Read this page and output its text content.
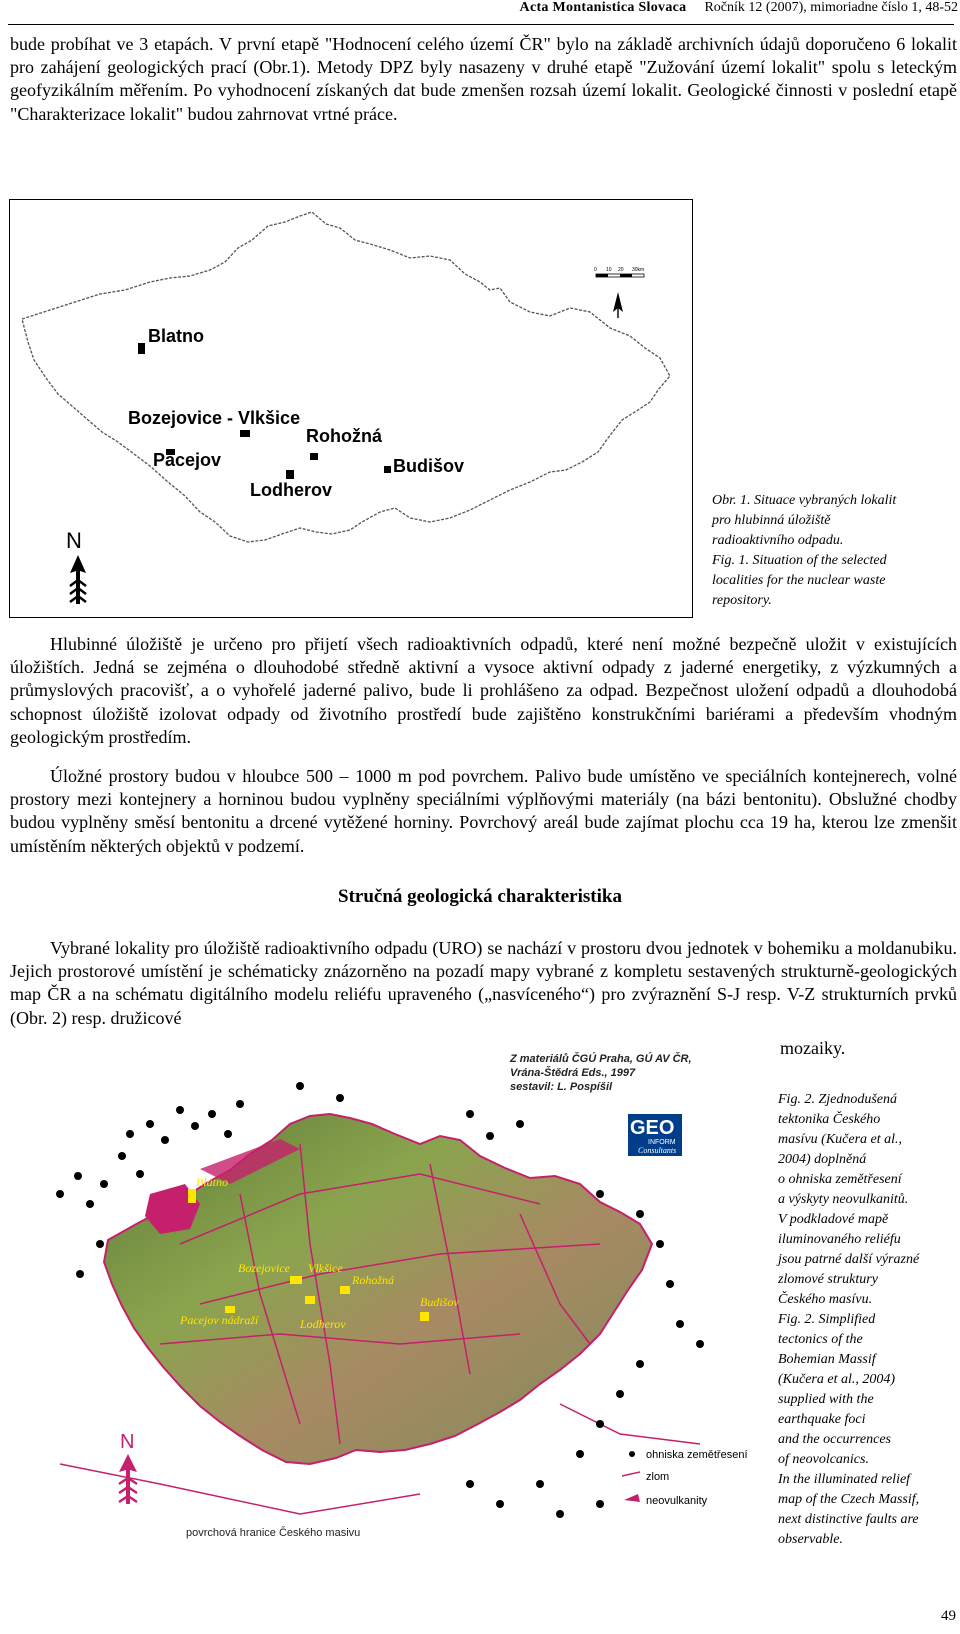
Acta Montanistica Slovaca Ročník 12 (2007), mimoriadne číslo 1, 48-52

bude probíhat ve 3 etapách. V první etapě "Hodnocení celého území ČR" bylo na základě archivních údajů doporučeno 6 lokalit pro zahájení geologických prací (Obr.1). Metody DPZ byly nasazeny v druhé etapě "Zužování území lokalit" spolu s leteckým geofyzikálním měřením. Po vyhodnocení získaných dat bude zmenšen rozsah území lokalit. Geologické činnosti v poslední etapě "Charakterizace lokalit" budou zahrnovat vrtné práce.

Blatno
Bozejovice - Vlkšice
Rohožná
Pacejov	Budišov
Lodherov
0 10 20 30km
N
Obr. 1. Situace vybraných lokalit
pro hlubinná úložiště
radioaktivního odpadu.
Fig. 1. Situation of the selected
localities for the nuclear waste
repository.

Hlubinné úložiště je určeno pro přijetí všech radioaktivních odpadů, které není možné bezpečně uložit v existujících úložištích. Jedná se zejména o dlouhodobé středně aktivní a vysoce aktivní odpady z jaderné energetiky, z výzkumných a průmyslových pracovišť, a o vyhořelé jaderné palivo, bude li prohlášeno za odpad. Bezpečnost uložení odpadů a dlouhodobá schopnost úložiště izolovat odpady od životního prostředí bude zajištěno konstrukčními bariérami a především vhodným geologickým prostředím.

Úložné prostory budou v hloubce 500 – 1000 m pod povrchem. Palivo bude umístěno ve speciálních kontejnerech, volné prostory mezi kontejnery a horninou budou vyplněny speciálními výplňovými materiály (na bázi bentonitu). Obslužné chodby budou vyplněny směsí bentonitu a drcené vytěžené horniny. Povrchový areál bude zajímat plochu cca 19 ha, kterou lze zmenšit umístěním některých objektů v podzemí.

Stručná geologická charakteristika

Vybrané lokality pro úložiště radioaktivního odpadu (URO) se nachází v prostoru dvou jednotek v bohemiku a moldanubiku. Jejich prostorové umístění je schématicky znázorněno na pozadí mapy vybrané z kompletu sestavených strukturně-geologických map ČR a na schématu digitálního modelu reliéfu upraveného („nasvíceného“) pro zvýraznění S-J resp. V-Z strukturních prvků (Obr. 2) resp. družicové

mozaiky.
Blatno
Bozejovice Vlkšice
Rohožná
Budišov
Pacejov nádraží	Lodherov
Z materiálů ČGÚ Praha, GÚ AV ČR,
Vrána-Štědrá Eds., 1997
sestavil: L. Pospíšil
GEO
INFORM
Consultants
N
ohniska zemětřesení
zlom
neovulkanity
povrchová hranice Českého masivu
Fig. 2. Zjednodušená
tektonika Českého
masívu (Kučera et al.,
2004) doplněná
o ohniska zemětřesení
a výskyty neovulkanitů.
V podkladové mapě
iluminovaného reliéfu
jsou patrné další výrazné
zlomové struktury
Českého masívu.
Fig. 2. Simplified
tectonics of the
Bohemian Massif
(Kučera et al., 2004)
supplied with the
earthquake foci
and the occurrences
of neovolcanics.
In the illuminated relief
map of the Czech Massif,
next distinctive faults are
observable.
49
